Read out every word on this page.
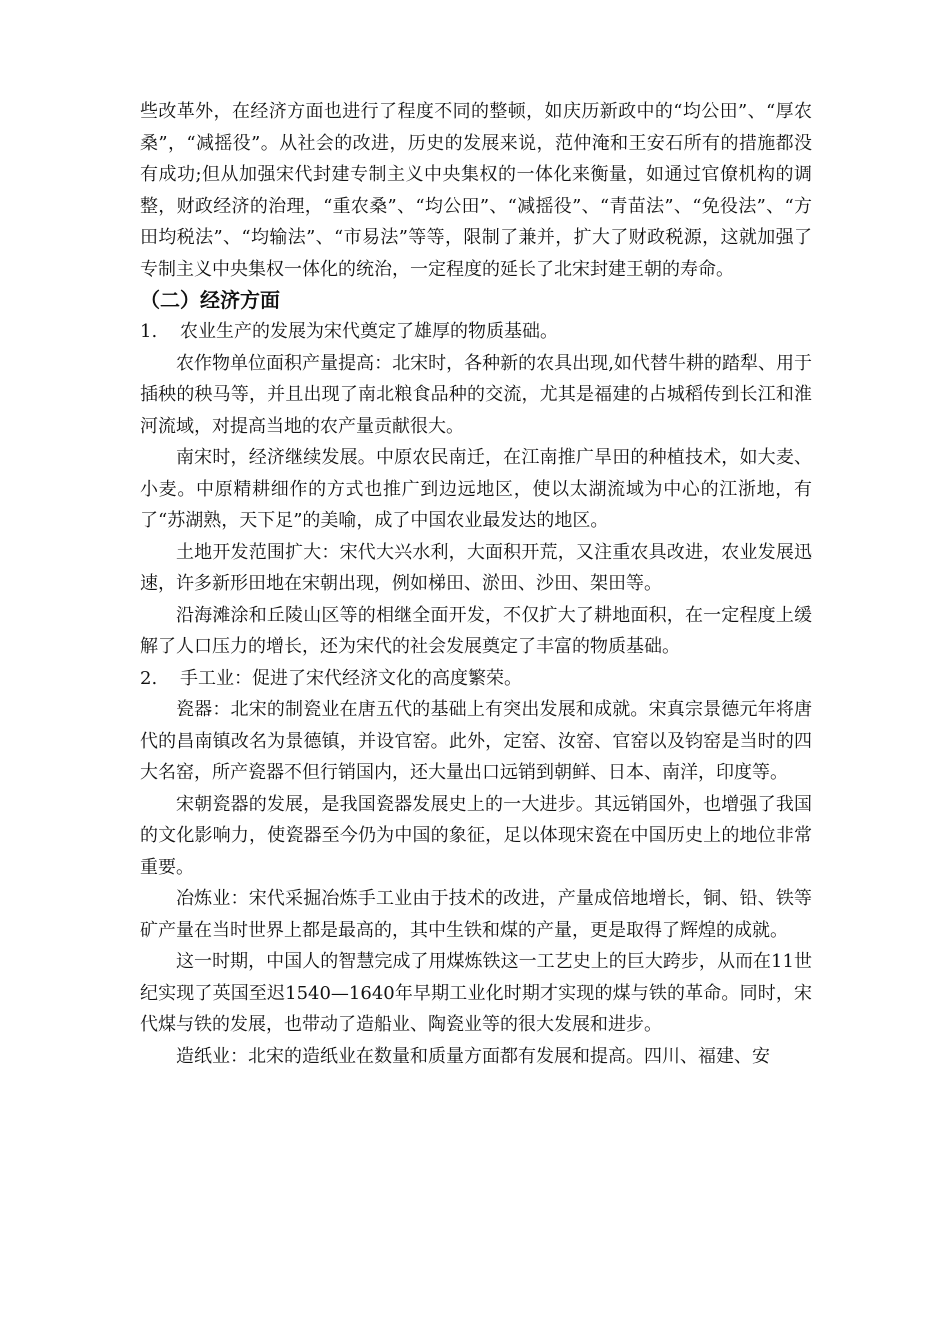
些改革外，在经济方面也进行了程度不同的整顿，如庆历新政中的“均公田”、“厚农桑”，“减摇役”。从社会的改进，历史的发展来说，范仲淹和王安石所有的措施都没有成功;但从加强宋代封建专制主义中央集权的一体化来衡量，如通过官僚机构的调整，财政经济的治理，“重农桑”、“均公田”、“减摇役”、“青苗法”、“免役法”、“方田均税法”、“均输法”、“市易法”等等，限制了兼并，扩大了财政税源，这就加强了专制主义中央集权一体化的统治，一定程度的延长了北宋封建王朝的寿命。

（二）经济方面

1. 农业生产的发展为宋代奠定了雄厚的物质基础。

农作物单位面积产量提高：北宋时，各种新的农具出现,如代替牛耕的踏犁、用于插秧的秧马等，并且出现了南北粮食品种的交流，尤其是福建的占城稻传到长江和淮河流域，对提高当地的农产量贡献很大。

南宋时，经济继续发展。中原农民南迁，在江南推广旱田的种植技术，如大麦、小麦。中原精耕细作的方式也推广到边远地区，使以太湖流域为中心的江浙地，有了“苏湖熟，天下足”的美喻，成了中国农业最发达的地区。

土地开发范围扩大：宋代大兴水利，大面积开荒，又注重农具改进，农业发展迅速，许多新形田地在宋朝出现，例如梯田、淤田、沙田、架田等。

沿海滩涂和丘陵山区等的相继全面开发，不仅扩大了耕地面积，在一定程度上缓解了人口压力的增长，还为宋代的社会发展奠定了丰富的物质基础。

2. 手工业：促进了宋代经济文化的高度繁荣。

瓷器：北宋的制瓷业在唐五代的基础上有突出发展和成就。宋真宗景德元年将唐代的昌南镇改名为景德镇，并设官窑。此外，定窑、汝窑、官窑以及钧窑是当时的四大名窑，所产瓷器不但行销国内，还大量出口远销到朝鲜、日本、南洋，印度等。

宋朝瓷器的发展，是我国瓷器发展史上的一大进步。其远销国外，也增强了我国的文化影响力，使瓷器至今仍为中国的象征，足以体现宋瓷在中国历史上的地位非常重要。

冶炼业：宋代采掘冶炼手工业由于技术的改进，产量成倍地增长，铜、铅、铁等矿产量在当时世界上都是最高的，其中生铁和煤的产量，更是取得了辉煌的成就。

这一时期，中国人的智慧完成了用煤炼铁这一工艺史上的巨大跨步，从而在11世纪实现了英国至迟1540—1640年早期工业化时期才实现的煤与铁的革命。同时，宋代煤与铁的发展，也带动了造船业、陶瓷业等的很大发展和进步。

造纸业：北宋的造纸业在数量和质量方面都有发展和提高。四川、福建、安
